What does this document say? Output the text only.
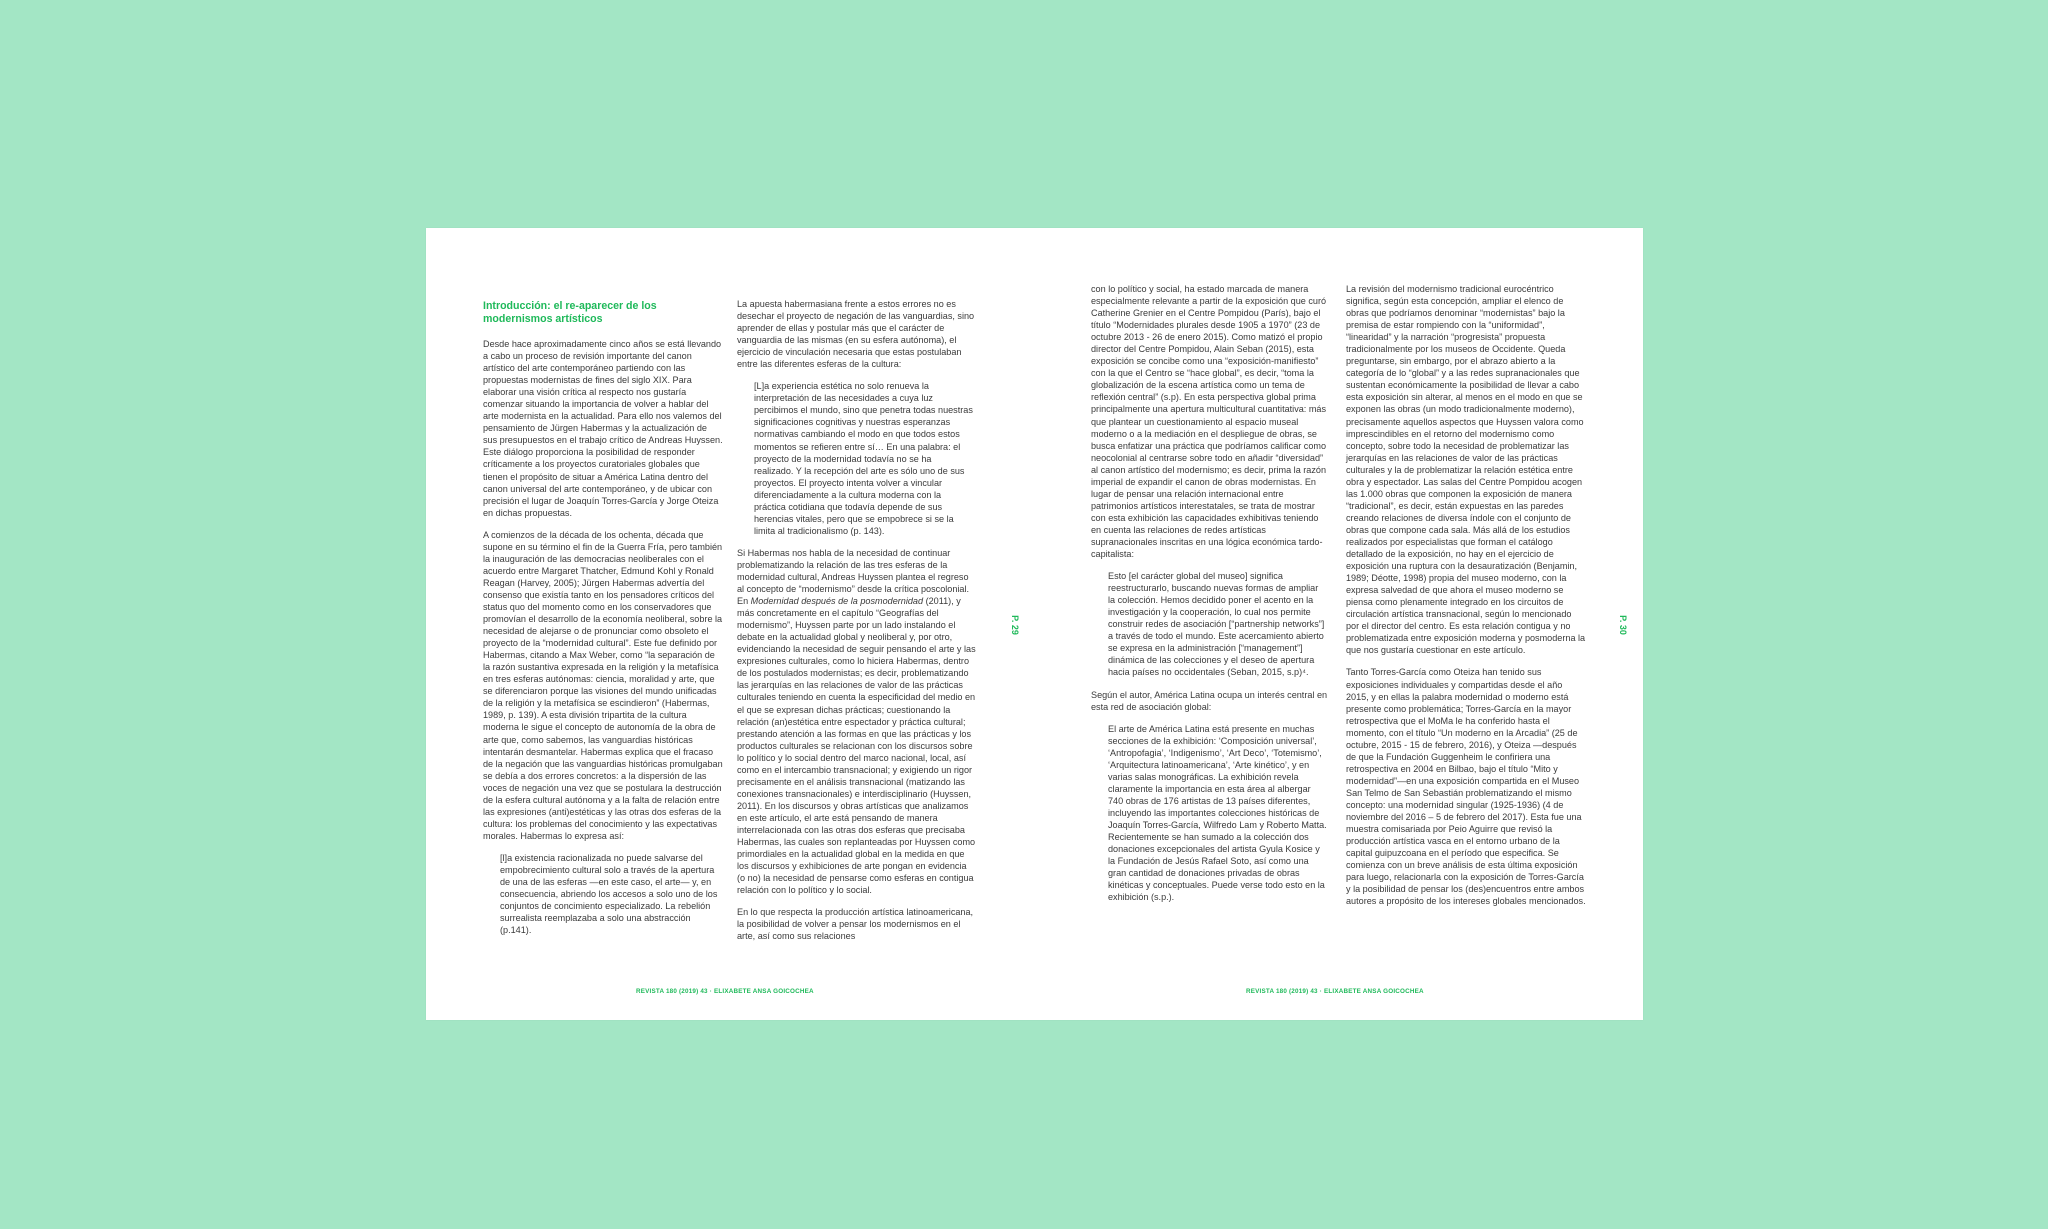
Introducción: el re-aparecer de los modernismos artísticos

Desde hace aproximadamente cinco años se está llevando a cabo un proceso de revisión importante del canon artístico del arte contemporáneo partiendo con las propuestas modernistas de fines del siglo XIX. Para elaborar una visión crítica al respecto nos gustaría comenzar situando la importancia de volver a hablar del arte modernista en la actualidad. Para ello nos valemos del pensamiento de Jürgen Habermas y la actualización de sus presupuestos en el trabajo crítico de Andreas Huyssen. Este diálogo proporciona la posibilidad de responder críticamente a los proyectos curatoriales globales que tienen el propósito de situar a América Latina dentro del canon universal del arte contemporáneo, y de ubicar con precisión el lugar de Joaquín Torres-García y Jorge Oteiza en dichas propuestas.

A comienzos de la década de los ochenta, década que supone en su término el fin de la Guerra Fría, pero también la inauguración de las democracias neoliberales con el acuerdo entre Margaret Thatcher, Edmund Kohl y Ronald Reagan (Harvey, 2005); Jürgen Habermas advertía del consenso que existía tanto en los pensadores críticos del status quo del momento como en los conservadores que promovían el desarrollo de la economía neoliberal, sobre la necesidad de alejarse o de pronunciar como obsoleto el proyecto de la “modernidad cultural”. Este fue definido por Habermas, citando a Max Weber, como “la separación de la razón sustantiva expresada en la religión y la metafísica en tres esferas autónomas: ciencia, moralidad y arte, que se diferenciaron porque las visiones del mundo unificadas de la religión y la metafísica se escindieron” (Habermas, 1989, p. 139). A esta división tripartita de la cultura moderna le sigue el concepto de autonomía de la obra de arte que, como sabemos, las vanguardias históricas intentarán desmantelar. Habermas explica que el fracaso de la negación que las vanguardias históricas promulgaban se debía a dos errores concretos: a la dispersión de las voces de negación una vez que se postulara la destrucción de la esfera cultural autónoma y a la falta de relación entre las expresiones (anti)estéticas y las otras dos esferas de la cultura: los problemas del conocimiento y las expectativas morales. Habermas lo expresa así:

[l]a existencia racionalizada no puede salvarse del empobrecimiento cultural solo a través de la apertura de una de las esferas —en este caso, el arte— y, en consecuencia, abriendo los accesos a solo uno de los conjuntos de concimiento especializado. La rebelión surrealista reemplazaba a solo una abstracción (p.141).

La apuesta habermasiana frente a estos errores no es desechar el proyecto de negación de las vanguardias, sino aprender de ellas y postular más que el carácter de vanguardia de las mismas (en su esfera autónoma), el ejercicio de vinculación necesaria que estas postulaban entre las diferentes esferas de la cultura:

[L]a experiencia estética no solo renueva la interpretación de las necesidades a cuya luz percibimos el mundo, sino que penetra todas nuestras significaciones cognitivas y nuestras esperanzas normativas cambiando el modo en que todos estos momentos se refieren entre sí… En una palabra: el proyecto de la modernidad todavía no se ha realizado. Y la recepción del arte es sólo uno de sus proyectos. El proyecto intenta volver a vincular diferenciadamente a la cultura moderna con la práctica cotidiana que todavía depende de sus herencias vitales, pero que se empobrece si se la limita al tradicionalismo (p. 143).

Si Habermas nos habla de la necesidad de continuar problematizando la relación de las tres esferas de la modernidad cultural, Andreas Huyssen plantea el regreso al concepto de “modernismo” desde la crítica poscolonial. En Modernidad después de la posmodernidad (2011), y más concretamente en el capítulo “Geografías del modernismo”, Huyssen parte por un lado instalando el debate en la actualidad global y neoliberal y, por otro, evidenciando la necesidad de seguir pensando el arte y las expresiones culturales, como lo hiciera Habermas, dentro de los postulados modernistas; es decir, problematizando las jerarquías en las relaciones de valor de las prácticas culturales teniendo en cuenta la especificidad del medio en el que se expresan dichas prácticas; cuestionando la relación (an)estética entre espectador y práctica cultural; prestando atención a las formas en que las prácticas y los productos culturales se relacionan con los discursos sobre lo político y lo social dentro del marco nacional, local, así como en el intercambio transnacional; y exigiendo un rigor precisamente en el análisis transnacional (matizando las conexiones transnacionales) e interdisciplinario (Huyssen, 2011). En los discursos y obras artísticas que analizamos en este artículo, el arte está pensando de manera interrelacionada con las otras dos esferas que precisaba Habermas, las cuales son replanteadas por Huyssen como primordiales en la actualidad global en la medida en que los discursos y exhibiciones de arte pongan en evidencia (o no) la necesidad de pensarse como esferas en contigua relación con lo político y lo social.

En lo que respecta la producción artística latinoamericana, la posibilidad de volver a pensar los modernismos en el arte, así como sus relaciones

P. 29
REVISTA 180 (2019) 43 · ELIXABETE ANSA GOICOCHEA

con lo político y social, ha estado marcada de manera especialmente relevante a partir de la exposición que curó Catherine Grenier en el Centre Pompidou (París), bajo el título “Modernidades plurales desde 1905 a 1970” (23 de octubre 2013 - 26 de enero 2015). Como matizó el propio director del Centre Pompidou, Alain Seban (2015), esta exposición se concibe como una “exposición-manifiesto” con la que el Centro se “hace global”, es decir, “toma la globalización de la escena artística como un tema de reflexión central” (s.p). En esta perspectiva global prima principalmente una apertura multicultural cuantitativa: más que plantear un cuestionamiento al espacio museal moderno o a la mediación en el despliegue de obras, se busca enfatizar una práctica que podríamos calificar como neocolonial al centrarse sobre todo en añadir “diversidad” al canon artístico del modernismo; es decir, prima la razón imperial de expandir el canon de obras modernistas. En lugar de pensar una relación internacional entre patrimonios artísticos interestatales, se trata de mostrar con esta exhibición las capacidades exhibitivas teniendo en cuenta las relaciones de redes artísticas supranacionales inscritas en una lógica económica tardo-capitalista:

Esto [el carácter global del museo] significa reestructurarlo, buscando nuevas formas de ampliar la colección. Hemos decidido poner el acento en la investigación y la cooperación, lo cual nos permite construir redes de asociación [“partnership networks”] a través de todo el mundo. Este acercamiento abierto se expresa en la administración [“management”] dinámica de las colecciones y el deseo de apertura hacia países no occidentales (Seban, 2015, s.p)⁴.

Según el autor, América Latina ocupa un interés central en esta red de asociación global:

El arte de América Latina está presente en muchas secciones de la exhibición: ‘Composición universal’, ‘Antropofagia’, ‘Indigenismo’, ‘Art Deco’, ‘Totemismo’, ‘Arquitectura latinoamericana’, ‘Arte kinético’, y en varias salas monográficas. La exhibición revela claramente la importancia en esta área al albergar 740 obras de 176 artistas de 13 países diferentes, incluyendo las importantes colecciones históricas de Joaquín Torres-García, Wilfredo Lam y Roberto Matta. Recientemente se han sumado a la colección dos donaciones excepcionales del artista Gyula Kosice y la Fundación de Jesús Rafael Soto, así como una gran cantidad de donaciones privadas de obras kinéticas y conceptuales. Puede verse todo esto en la exhibición (s.p.).

La revisión del modernismo tradicional eurocéntrico significa, según esta concepción, ampliar el elenco de obras que podríamos denominar “modernistas” bajo la premisa de estar rompiendo con la “uniformidad”, “linearidad” y la narración “progresista” propuesta tradicionalmente por los museos de Occidente. Queda preguntarse, sin embargo, por el abrazo abierto a la categoría de lo “global” y a las redes supranacionales que sustentan económicamente la posibilidad de llevar a cabo esta exposición sin alterar, al menos en el modo en que se exponen las obras (un modo tradicionalmente moderno), precisamente aquellos aspectos que Huyssen valora como imprescindibles en el retorno del modernismo como concepto, sobre todo la necesidad de problematizar las jerarquías en las relaciones de valor de las prácticas culturales y la de problematizar la relación estética entre obra y espectador. Las salas del Centre Pompidou acogen las 1.000 obras que componen la exposición de manera “tradicional”, es decir, están expuestas en las paredes creando relaciones de diversa índole con el conjunto de obras que compone cada sala. Más allá de los estudios realizados por especialistas que forman el catálogo detallado de la exposición, no hay en el ejercicio de exposición una ruptura con la desauratización (Benjamin, 1989; Déotte, 1998) propia del museo moderno, con la expresa salvedad de que ahora el museo moderno se piensa como plenamente integrado en los circuitos de circulación artística transnacional, según lo mencionado por el director del centro. Es esta relación contigua y no problematizada entre exposición moderna y posmoderna la que nos gustaría cuestionar en este artículo.

Tanto Torres-García como Oteiza han tenido sus exposiciones individuales y compartidas desde el año 2015, y en ellas la palabra modernidad o moderno está presente como problemática; Torres-García en la mayor retrospectiva que el MoMa le ha conferido hasta el momento, con el título “Un moderno en la Arcadia” (25 de octubre, 2015 - 15 de febrero, 2016), y Oteiza —después de que la Fundación Guggenheim le confiriera una retrospectiva en 2004 en Bilbao, bajo el título “Mito y modernidad”—en una exposición compartida en el Museo San Telmo de San Sebastián problematizando el mismo concepto: una modernidad singular (1925-1936) (4 de noviembre del 2016 – 5 de febrero del 2017). Esta fue una muestra comisariada por Peio Aguirre que revisó la producción artística vasca en el entorno urbano de la capital guipuzcoana en el período que especifica. Se comienza con un breve análisis de esta última exposición para luego, relacionarla con la exposición de Torres-García y la posibilidad de pensar los (des)encuentros entre ambos autores a propósito de los intereses globales mencionados.

P. 30
REVISTA 180 (2019) 43 · ELIXABETE ANSA GOICOCHEA
